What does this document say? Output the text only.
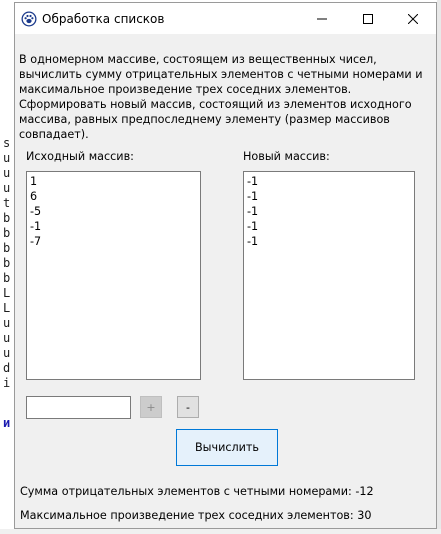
s
u
u
u
t
b
b
b
b
b
L
L
u
u
u
d
i
и
Обработка списков
В одномерном массиве, состоящем из вещественных чисел, вычислить сумму отрицательных элементов с четными номерами и максимальное произведение трех соседних элементов. Сформировать новый массив, состоящий из элементов исходного массива, равных предпоследнему элементу (размер массивов совпадает).
Исходный массив:	Новый массив:
1
6
-5
-1
-7
-1
-1
-1
-1
-1
+	-
Вычислить
Сумма отрицательных элементов с четными номерами: -12
Максимальное произведение трех соседних элементов: 30
